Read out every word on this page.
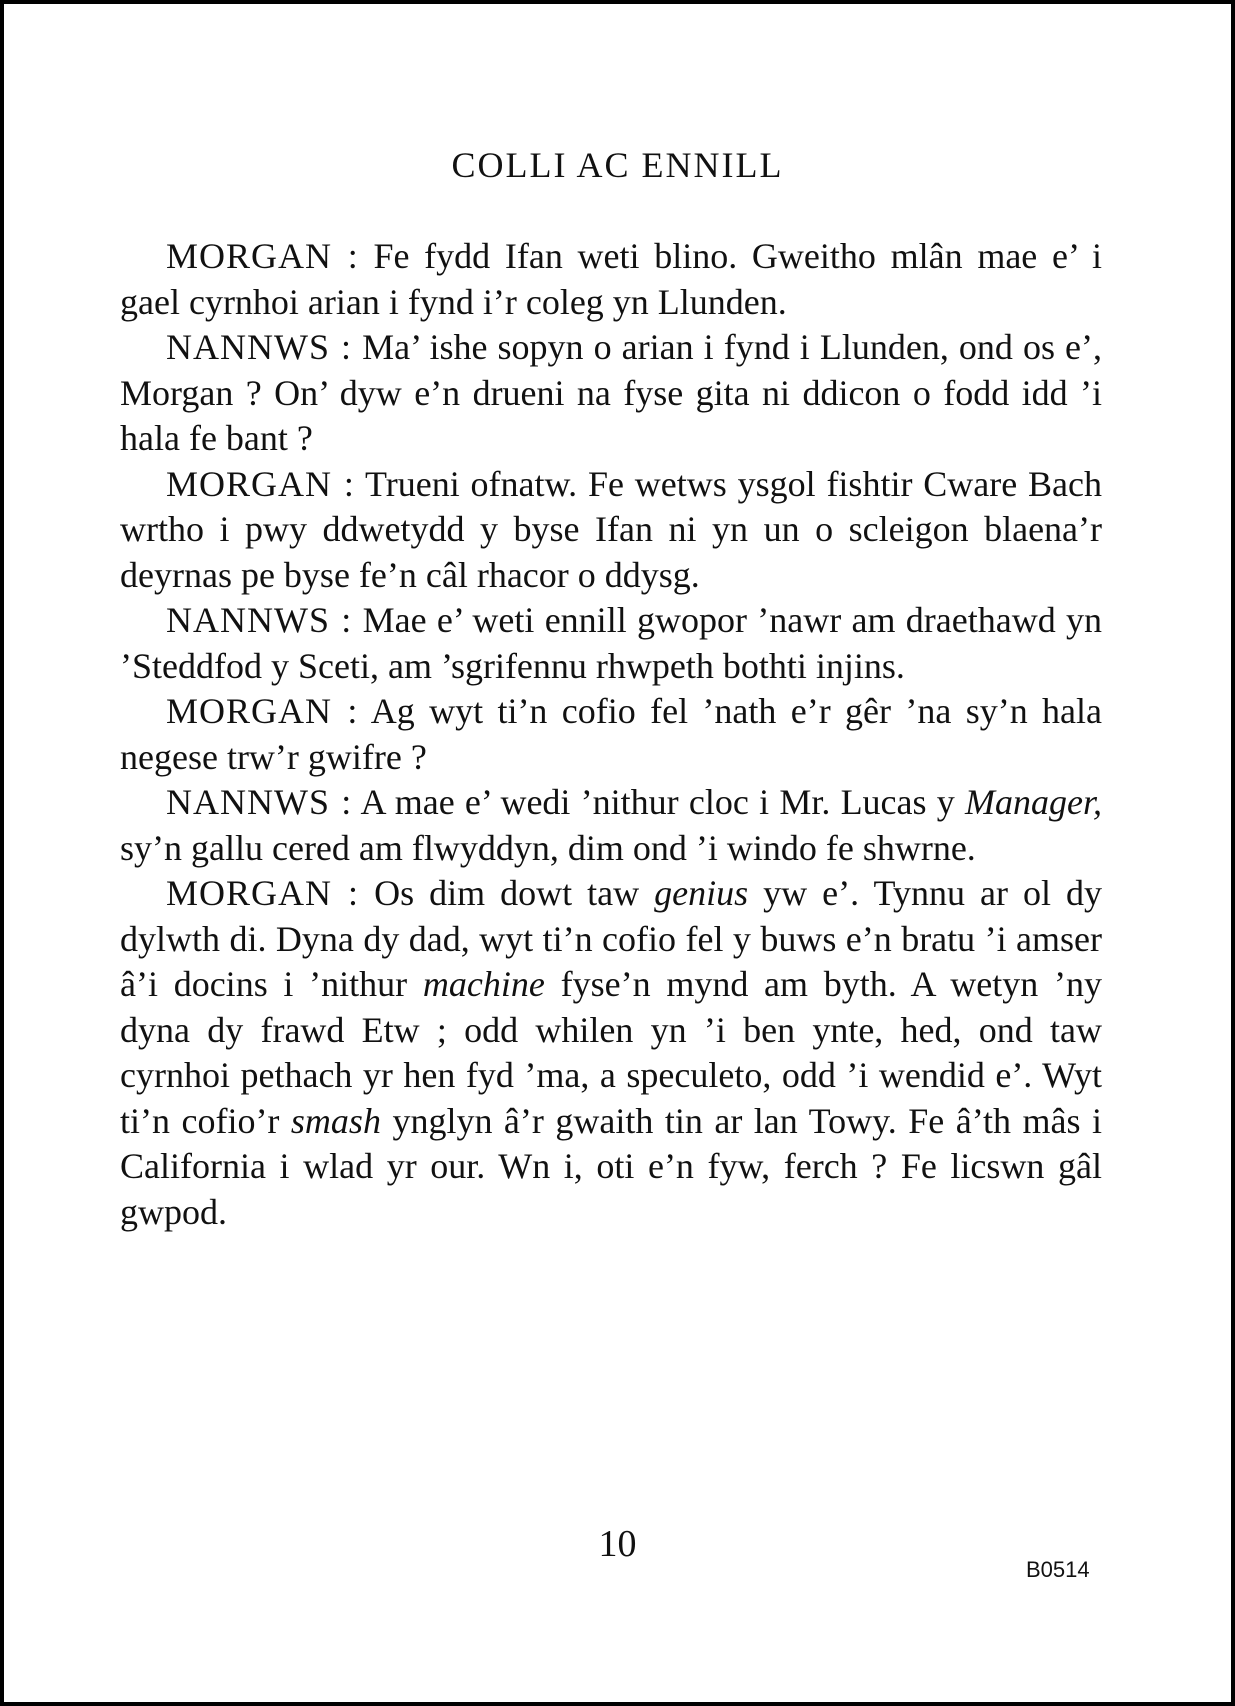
COLLI AC ENNILL

MORGAN : Fe fydd Ifan weti blino. Gweitho mlân mae e’ i gael cyrnhoi arian i fynd i’r coleg yn Llunden.

NANNWS : Ma’ ishe sopyn o arian i fynd i Llunden, ond os e’, Morgan ? On’ dyw e’n drueni na fyse gita ni ddicon o fodd idd ’i hala fe bant ?

MORGAN : Trueni ofnatw. Fe wetws ysgol fishtir Cware Bach wrtho i pwy ddwetydd y byse Ifan ni yn un o scleigon blaena’r deyrnas pe byse fe’n câl rhacor o ddysg.

NANNWS : Mae e’ weti ennill gwopor ’nawr am draethawd yn ’Steddfod y Sceti, am ’sgrifennu rhwpeth bothti injins.

MORGAN : Ag wyt ti’n cofio fel ’nath e’r gêr ’na sy’n hala negese trw’r gwifre ?

NANNWS : A mae e’ wedi ’nithur cloc i Mr. Lucas y Manager, sy’n gallu cered am flwyddyn, dim ond ’i windo fe shwrne.

MORGAN : Os dim dowt taw genius yw e’. Tynnu ar ol dy dylwth di. Dyna dy dad, wyt ti’n cofio fel y buws e’n bratu ’i amser â’i docins i ’nithur machine fyse’n mynd am byth. A wetyn ’ny dyna dy frawd Etw ; odd whilen yn ’i ben ynte, hed, ond taw cyrnhoi pethach yr hen fyd ’ma, a speculeto, odd ’i wendid e’. Wyt ti’n cofio’r smash ynglyn â’r gwaith tin ar lan Towy. Fe â’th mâs i California i wlad yr our. Wn i, oti e’n fyw, ferch ? Fe licswn gâl gwpod.

10
B0514
